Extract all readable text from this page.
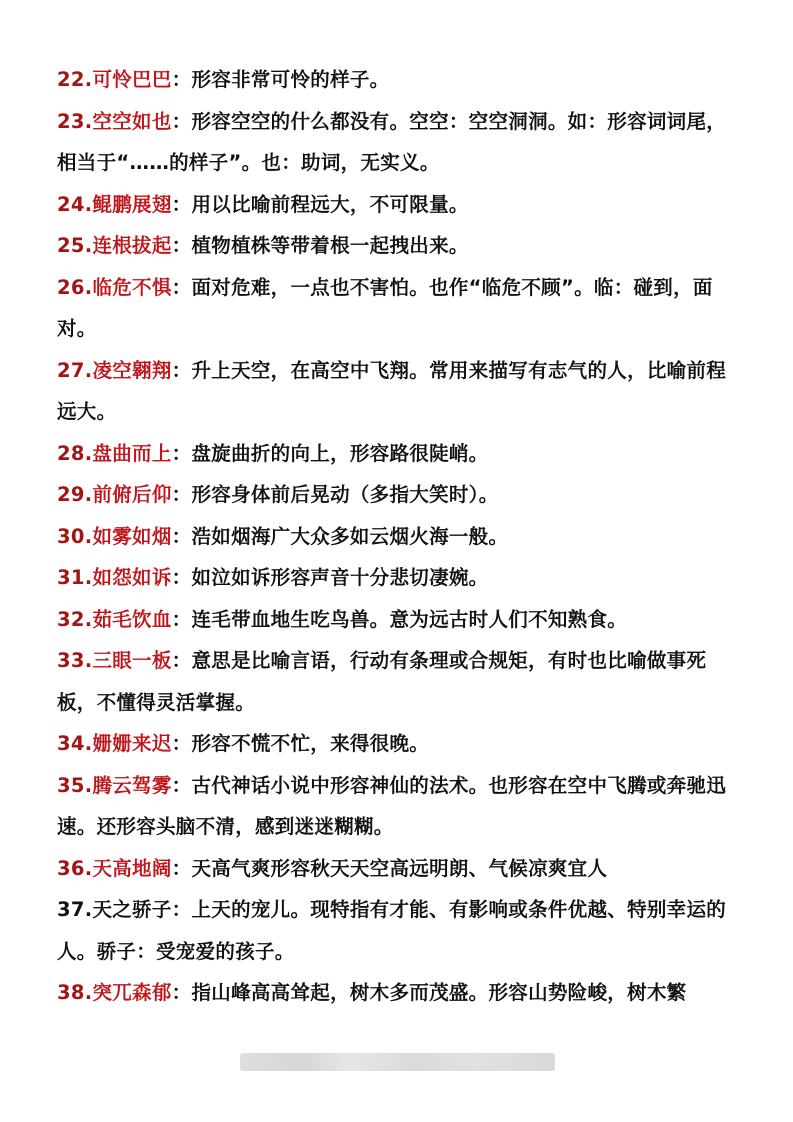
22.可怜巴巴：形容非常可怜的样子。

23.空空如也：形容空空的什么都没有。空空：空空洞洞。如：形容词词尾，相当于“……的样子”。也：助词，无实义。

24.鲲鹏展翅：用以比喻前程远大，不可限量。

25.连根拔起：植物植株等带着根一起拽出来。

26.临危不惧：面对危难，一点也不害怕。也作“临危不顾”。临：碰到，面对。

27.凌空翱翔：升上天空，在高空中飞翔。常用来描写有志气的人，比喻前程远大。

28.盘曲而上：盘旋曲折的向上，形容路很陡峭。

29.前俯后仰：形容身体前后晃动（多指大笑时）。

30.如雾如烟：浩如烟海广大众多如云烟火海一般。

31.如怨如诉：如泣如诉形容声音十分悲切凄婉。

32.茹毛饮血：连毛带血地生吃鸟兽。意为远古时人们不知熟食。

33.三眼一板：意思是比喻言语，行动有条理或合规矩，有时也比喻做事死板，不懂得灵活掌握。

34.姗姗来迟：形容不慌不忙，来得很晚。

35.腾云驾雾：古代神话小说中形容神仙的法术。也形容在空中飞腾或奔驰迅速。还形容头脑不清，感到迷迷糊糊。

36.天高地阔：天高气爽形容秋天天空高远明朗、气候凉爽宜人

37.天之骄子：上天的宠儿。现特指有才能、有影响或条件优越、特别幸运的人。骄子：受宠爱的孩子。

38.突兀森郁：指山峰高高耸起，树木多而茂盛。形容山势险峻，树木繁
